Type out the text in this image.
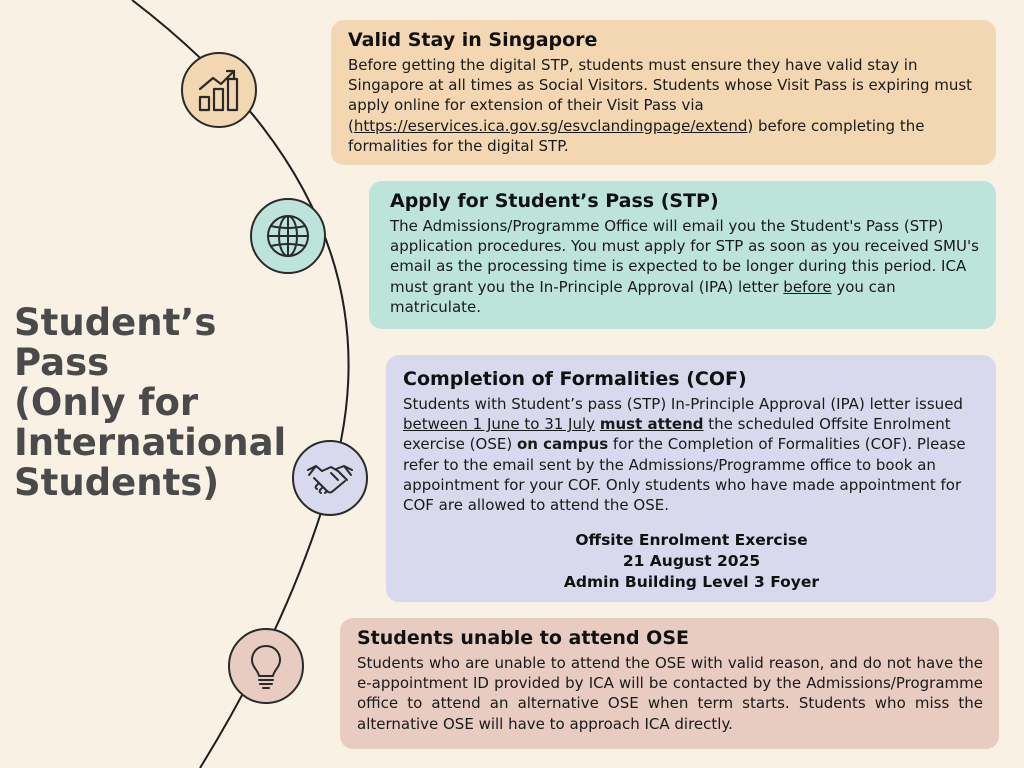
Student’s Pass
(Only for
International
Students)
Valid Stay in Singapore

Before getting the digital STP, students must ensure they have valid stay in Singapore at all times as Social Visitors. Students whose Visit Pass is expiring must apply online for extension of their Visit Pass via (https://eservices.ica.gov.sg/esvclandingpage/extend) before completing the formalities for the digital STP.

Apply for Student’s Pass (STP)

The Admissions/Programme Office will email you the Student's Pass (STP) application procedures. You must apply for STP as soon as you received SMU's email as the processing time is expected to be longer during this period. ICA must grant you the In-Principle Approval (IPA) letter before you can matriculate.

Completion of Formalities (COF)

Students with Student’s pass (STP) In-Principle Approval (IPA) letter issued between 1 June to 31 July must attend the scheduled Offsite Enrolment exercise (OSE) on campus for the Completion of Formalities (COF). Please refer to the email sent by the Admissions/Programme office to book an appointment for your COF. Only students who have made appointment for COF are allowed to attend the OSE.

Offsite Enrolment Exercise
21 August 2025
Admin Building Level 3 Foyer
Students unable to attend OSE

Students who are unable to attend the OSE with valid reason, and do not have the e-appointment ID provided by ICA will be contacted by the Admissions/Programme office to attend an alternative OSE when term starts. Students who miss the alternative OSE will have to approach ICA directly.
